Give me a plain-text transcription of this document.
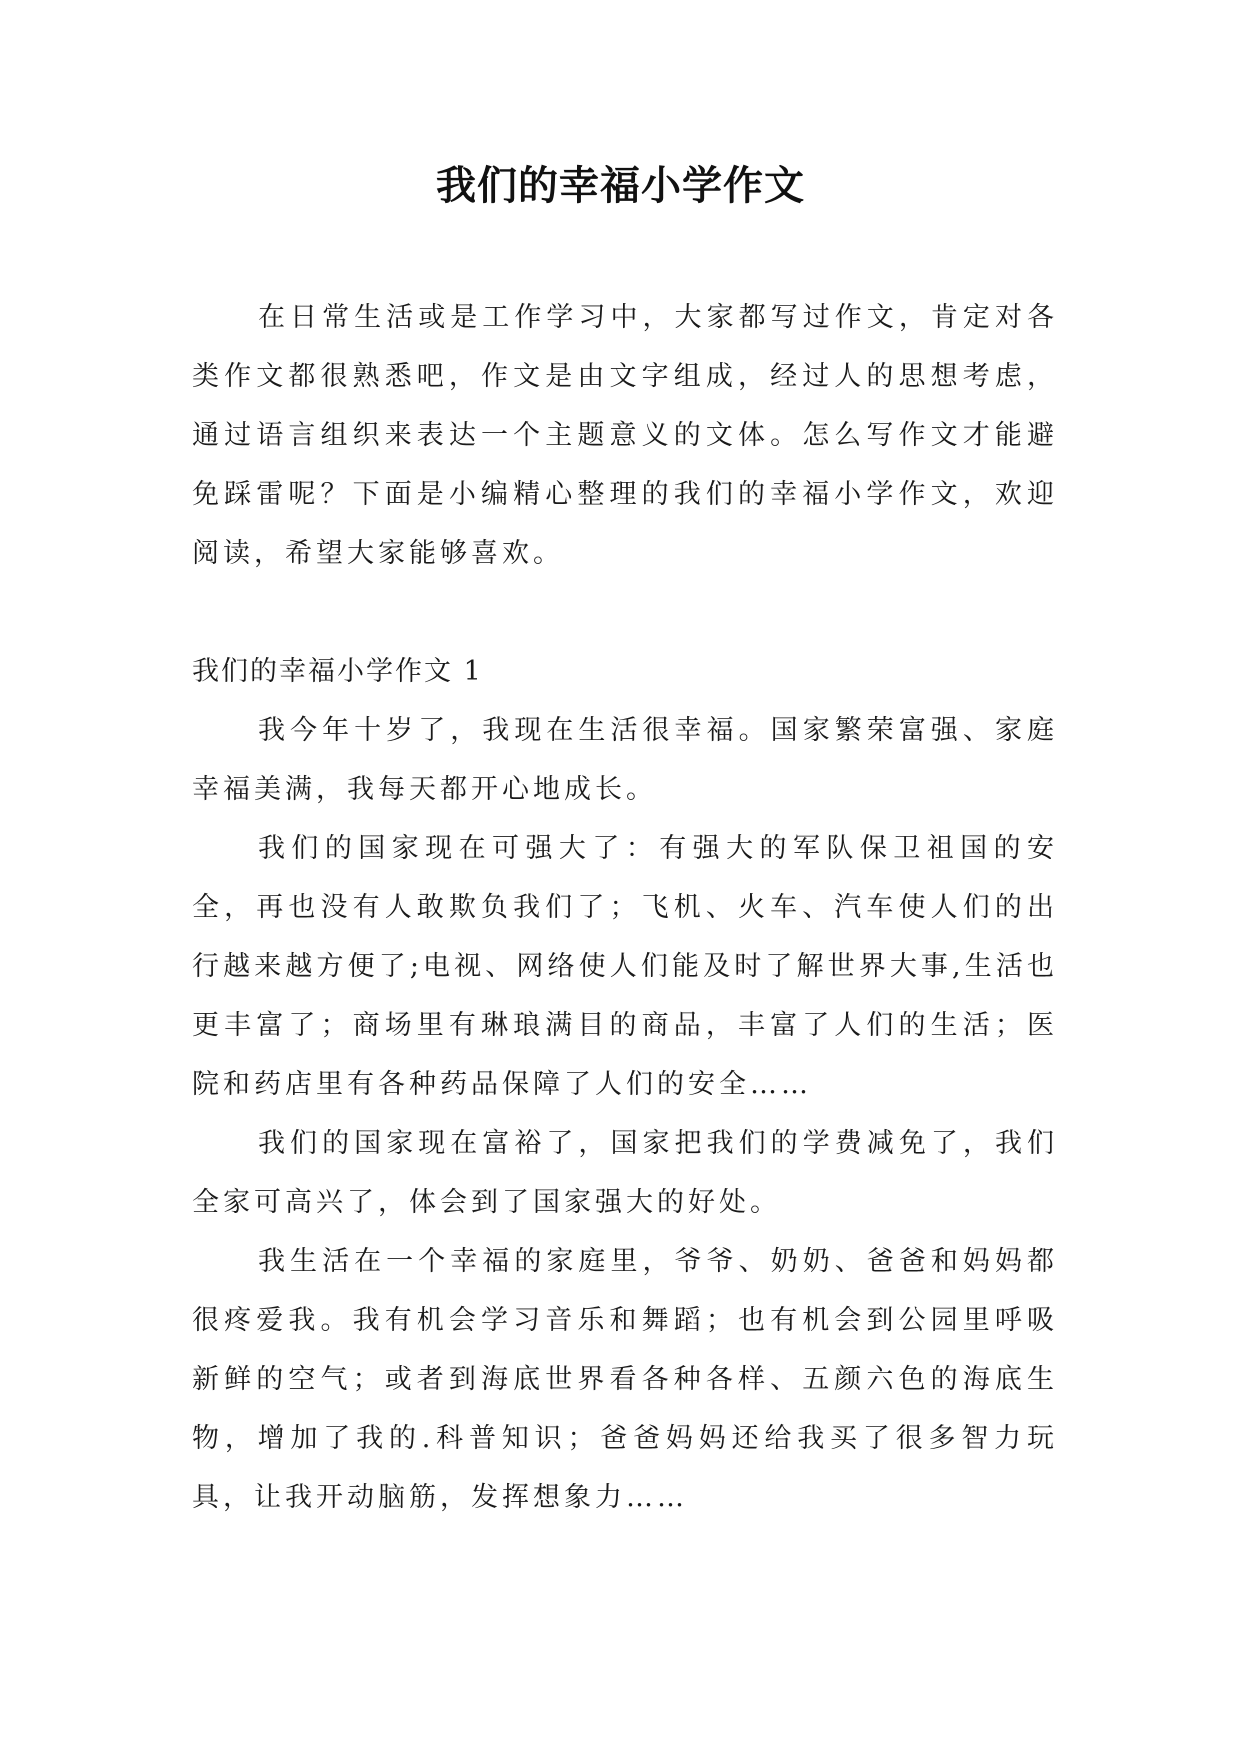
我们的幸福小学作文

在日常生活或是工作学习中，大家都写过作文，肯定对各类作文都很熟悉吧，作文是由文字组成，经过人的思想考虑，通过语言组织来表达一个主题意义的文体。怎么写作文才能避免踩雷呢？下面是小编精心整理的我们的幸福小学作文，欢迎阅读，希望大家能够喜欢。

我们的幸福小学作文 1

我今年十岁了，我现在生活很幸福。国家繁荣富强、家庭幸福美满，我每天都开心地成长。

我们的国家现在可强大了：有强大的军队保卫祖国的安全，再也没有人敢欺负我们了；飞机、火车、汽车使人们的出行越来越方便了;电视、网络使人们能及时了解世界大事,生活也更丰富了；商场里有琳琅满目的商品，丰富了人们的生活；医院和药店里有各种药品保障了人们的安全……

我们的国家现在富裕了，国家把我们的学费减免了，我们全家可高兴了，体会到了国家强大的好处。

我生活在一个幸福的家庭里，爷爷、奶奶、爸爸和妈妈都很疼爱我。我有机会学习音乐和舞蹈；也有机会到公园里呼吸新鲜的空气；或者到海底世界看各种各样、五颜六色的海底生物，增加了我的.科普知识；爸爸妈妈还给我买了很多智力玩具，让我开动脑筋，发挥想象力……
